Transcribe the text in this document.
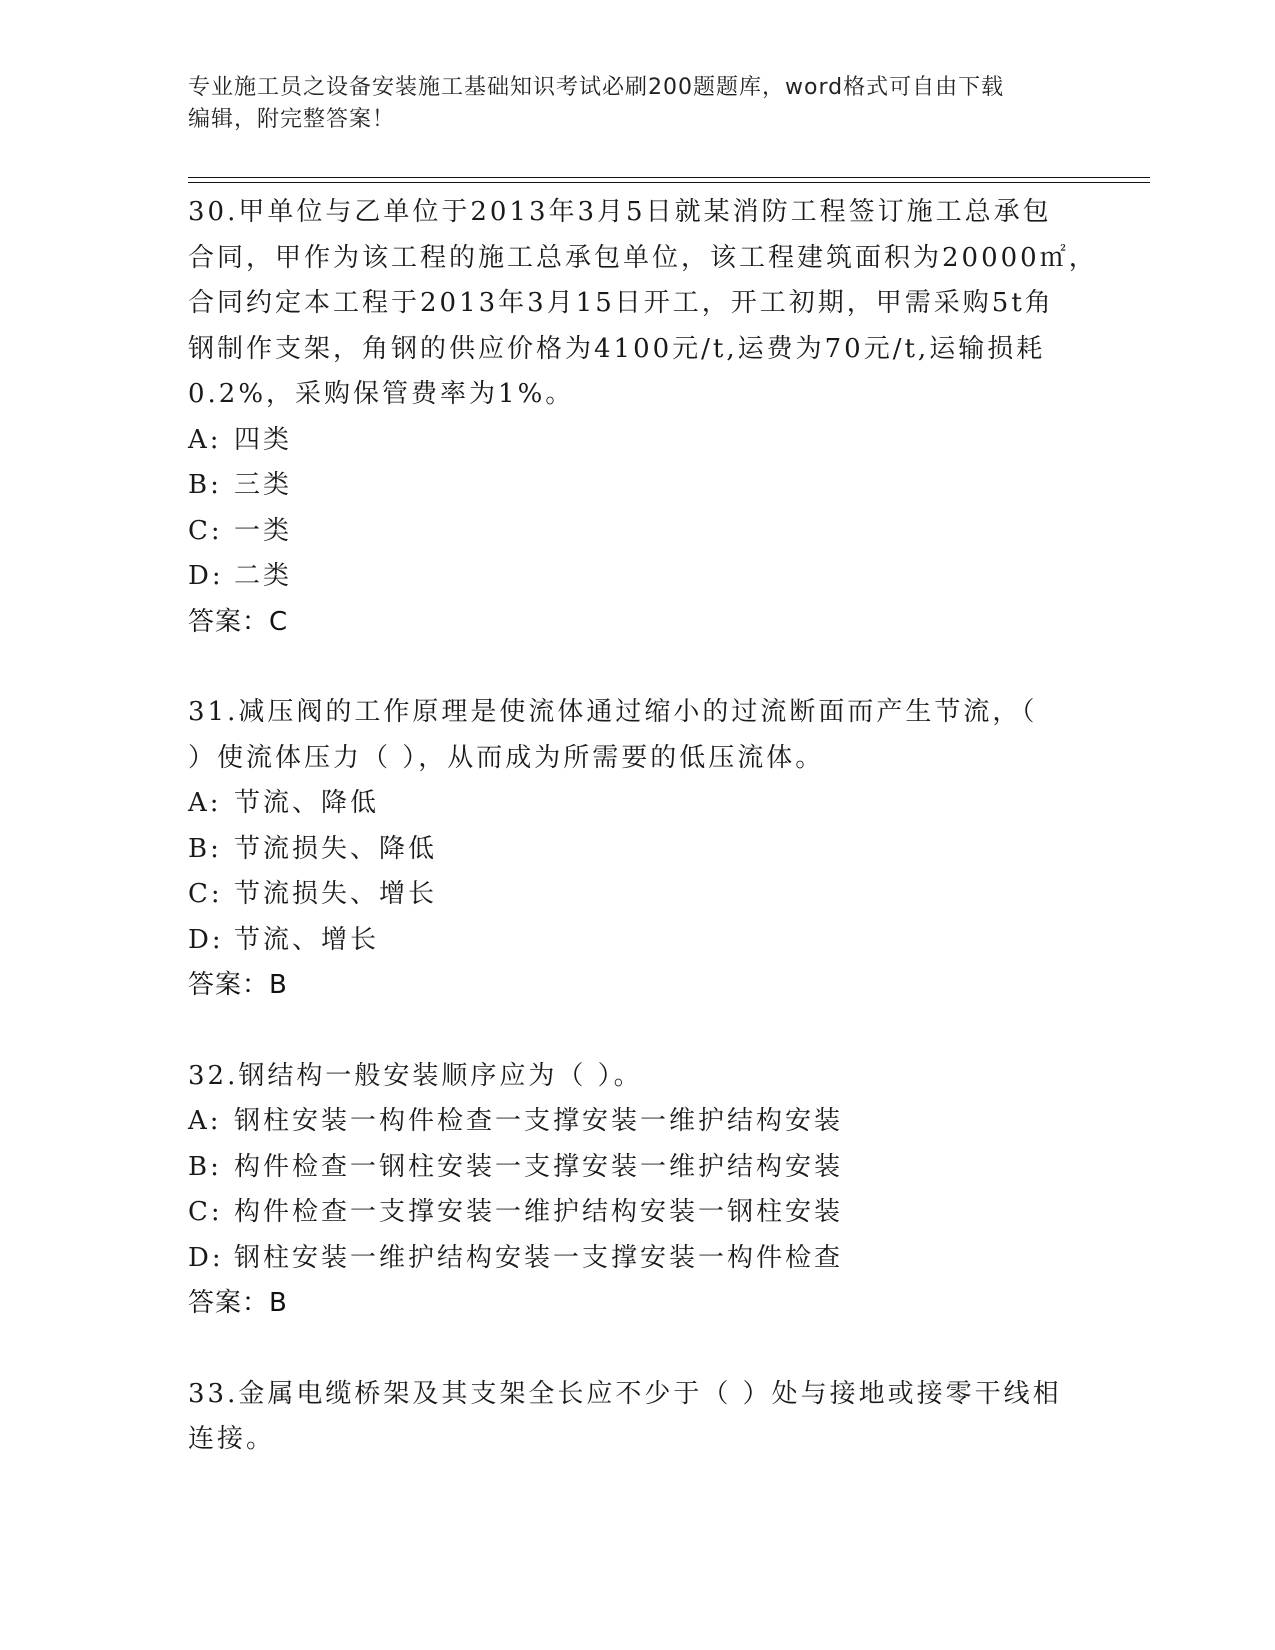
专业施工员之设备安装施工基础知识考试必刷200题题库，word格式可自由下载
编辑，附完整答案！
30.甲单位与乙单位于2013年3月5日就某消防工程签订施工总承包
合同，甲作为该工程的施工总承包单位，该工程建筑面积为20000㎡，
合同约定本工程于2013年3月15日开工，开工初期，甲需采购5t角
钢制作支架，角钢的供应价格为4100元/t,运费为70元/t,运输损耗
0.2%，采购保管费率为1%。
A: 四类
B: 三类
C: 一类
D: 二类
答案：C
31.减压阀的工作原理是使流体通过缩小的过流断面而产生节流，（
）使流体压力（ ），从而成为所需要的低压流体。
A: 节流、降低
B: 节流损失、降低
C: 节流损失、增长
D: 节流、增长
答案：B
32.钢结构一般安装顺序应为（ ）。
A: 钢柱安装一构件检查一支撑安装一维护结构安装
B: 构件检查一钢柱安装一支撑安装一维护结构安装
C: 构件检查一支撑安装一维护结构安装一钢柱安装
D: 钢柱安装一维护结构安装一支撑安装一构件检查
答案：B
33.金属电缆桥架及其支架全长应不少于（ ）处与接地或接零干线相
连接。
